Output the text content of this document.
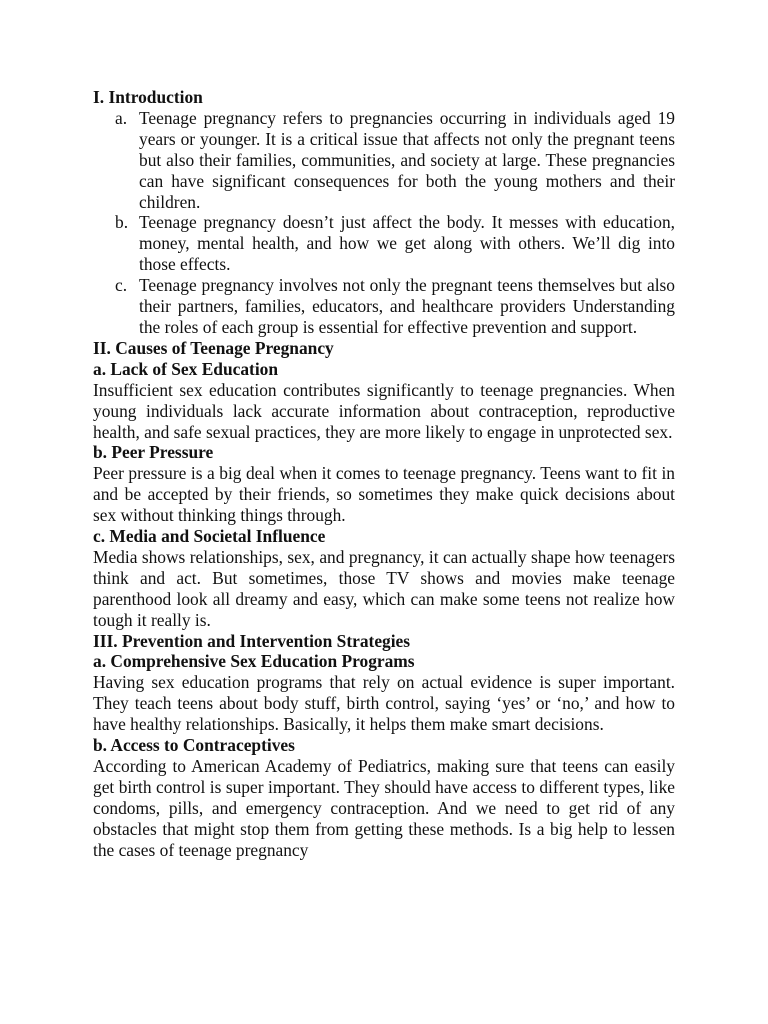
I. Introduction

a. Teenage pregnancy refers to pregnancies occurring in individuals aged 19 years or younger. It is a critical issue that affects not only the pregnant teens but also their families, communities, and society at large. These pregnancies can have significant consequences for both the young mothers and their children.
b. Teenage pregnancy doesn’t just affect the body. It messes with education, money, mental health, and how we get along with others. We’ll dig into those effects.
c. Teenage pregnancy involves not only the pregnant teens themselves but also their partners, families, educators, and healthcare providers Understanding the roles of each group is essential for effective prevention and support.

II. Causes of Teenage Pregnancy

a. Lack of Sex Education

Insufficient sex education contributes significantly to teenage pregnancies. When young individuals lack accurate information about contraception, reproductive health, and safe sexual practices, they are more likely to engage in unprotected sex.

b. Peer Pressure

Peer pressure is a big deal when it comes to teenage pregnancy. Teens want to fit in and be accepted by their friends, so sometimes they make quick decisions about sex without thinking things through.

c. Media and Societal Influence

Media shows relationships, sex, and pregnancy, it can actually shape how teenagers think and act. But sometimes, those TV shows and movies make teenage parenthood look all dreamy and easy, which can make some teens not realize how tough it really is.

III. Prevention and Intervention Strategies

a. Comprehensive Sex Education Programs

Having sex education programs that rely on actual evidence is super important. They teach teens about body stuff, birth control, saying ‘yes’ or ‘no,’ and how to have healthy relationships. Basically, it helps them make smart decisions.

b. Access to Contraceptives

According to American Academy of Pediatrics, making sure that teens can easily get birth control is super important. They should have access to different types, like condoms, pills, and emergency contraception. And we need to get rid of any obstacles that might stop them from getting these methods. Is a big help to lessen the cases of teenage pregnancy
